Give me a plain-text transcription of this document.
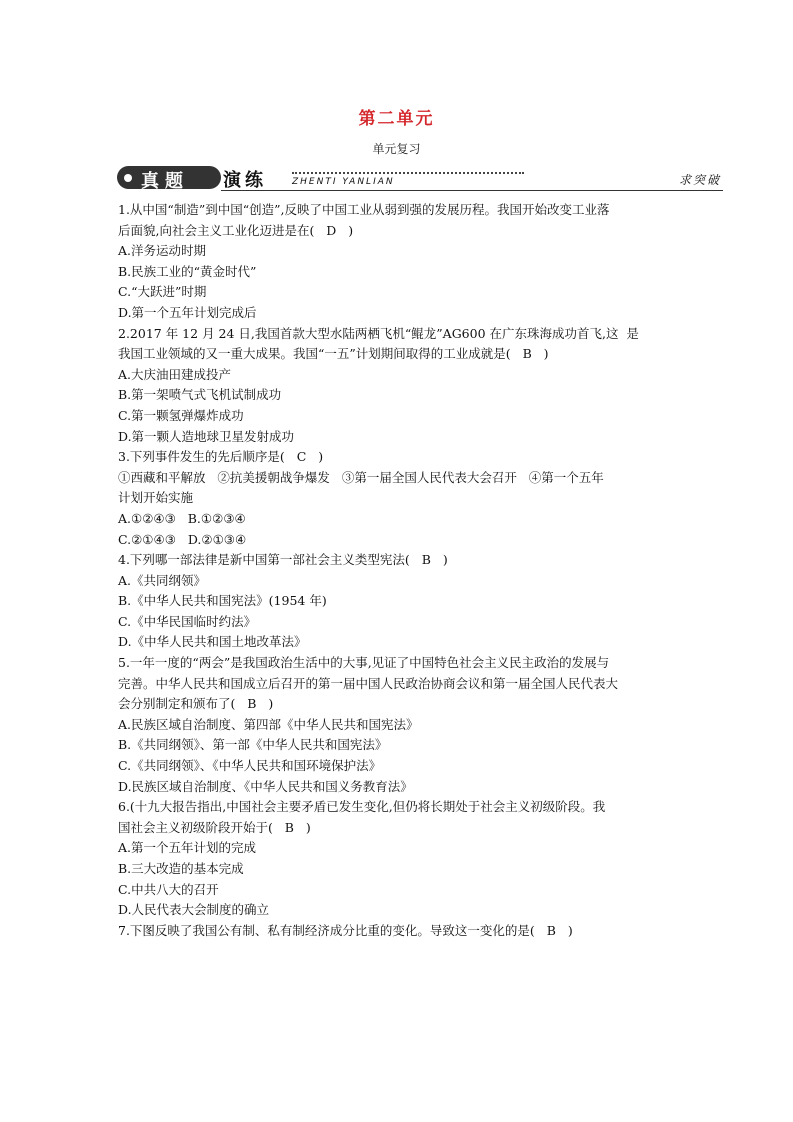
第二单元
单元复习
真题 演练	ZHENTI YANLIAN	求突破
1.从中国“制造”到中国“创造”,反映了中国工业从弱到强的发展历程。我国开始改变工业落
后面貌,向社会主义工业化迈进是在(   D   )
A.洋务运动时期
B.民族工业的“黄金时代”
C.“大跃进”时期
D.第一个五年计划完成后
2.2017 年 12 月 24 日,我国首款大型水陆两栖飞机“鲲龙”AG600 在广东珠海成功首飞,这  是
我国工业领域的又一重大成果。我国“一五”计划期间取得的工业成就是(   B   )
A.大庆油田建成投产
B.第一架喷气式飞机试制成功
C.第一颗氢弹爆炸成功
D.第一颗人造地球卫星发射成功
3.下列事件发生的先后顺序是(   C   )
①西藏和平解放   ②抗美援朝战争爆发   ③第一届全国人民代表大会召开   ④第一个五年
计划开始实施
A.①②④③   B.①②③④
C.②①④③   D.②①③④
4.下列哪一部法律是新中国第一部社会主义类型宪法(   B   )
A.《共同纲领》
B.《中华人民共和国宪法》(1954 年)
C.《中华民国临时约法》
D.《中华人民共和国土地改革法》
5.一年一度的“两会”是我国政治生活中的大事,见证了中国特色社会主义民主政治的发展与
完善。中华人民共和国成立后召开的第一届中国人民政治协商会议和第一届全国人民代表大
会分别制定和颁布了(   B   )
A.民族区域自治制度、第四部《中华人民共和国宪法》
B.《共同纲领》、第一部《中华人民共和国宪法》
C.《共同纲领》、《中华人民共和国环境保护法》
D.民族区域自治制度、《中华人民共和国义务教育法》
6.(十九大报告指出,中国社会主要矛盾已发生变化,但仍将长期处于社会主义初级阶段。我
国社会主义初级阶段开始于(   B   )
A.第一个五年计划的完成
B.三大改造的基本完成
C.中共八大的召开
D.人民代表大会制度的确立
7.下图反映了我国公有制、私有制经济成分比重的变化。导致这一变化的是(   B   )
